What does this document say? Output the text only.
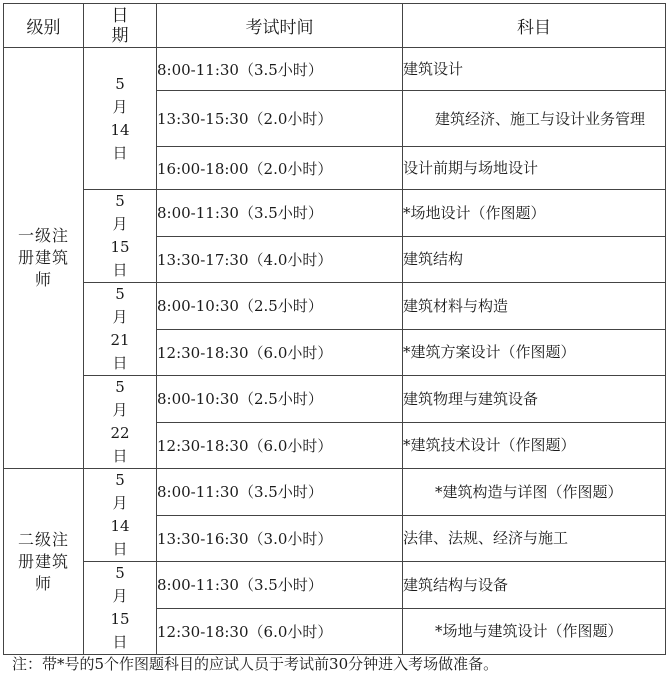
级别	日期	考试时间	科目
一级注册建筑师	5月14日	8:00-11:30（3.5小时）	建筑设计
		13:30-15:30（2.0小时）	建筑经济、施工与设计业务管理
		16:00-18:00（2.0小时）	设计前期与场地设计
	5月15日	8:00-11:30（3.5小时）	*场地设计（作图题）
		13:30-17:30（4.0小时）	建筑结构
	5月21日	8:00-10:30（2.5小时）	建筑材料与构造
		12:30-18:30（6.0小时）	*建筑方案设计（作图题）
	5月22日	8:00-10:30（2.5小时）	建筑物理与建筑设备
		12:30-18:30（6.0小时）	*建筑技术设计（作图题）
二级注册建筑师	5月14日	8:00-11:30（3.5小时）	*建筑构造与详图（作图题）
		13:30-16:30（3.0小时）	法律、法规、经济与施工
	5月15日	8:00-11:30（3.5小时）	建筑结构与设备
		12:30-18:30（6.0小时）	*场地与建筑设计（作图题）
注：带*号的5个作图题科目的应试人员于考试前30分钟进入考场做准备。
